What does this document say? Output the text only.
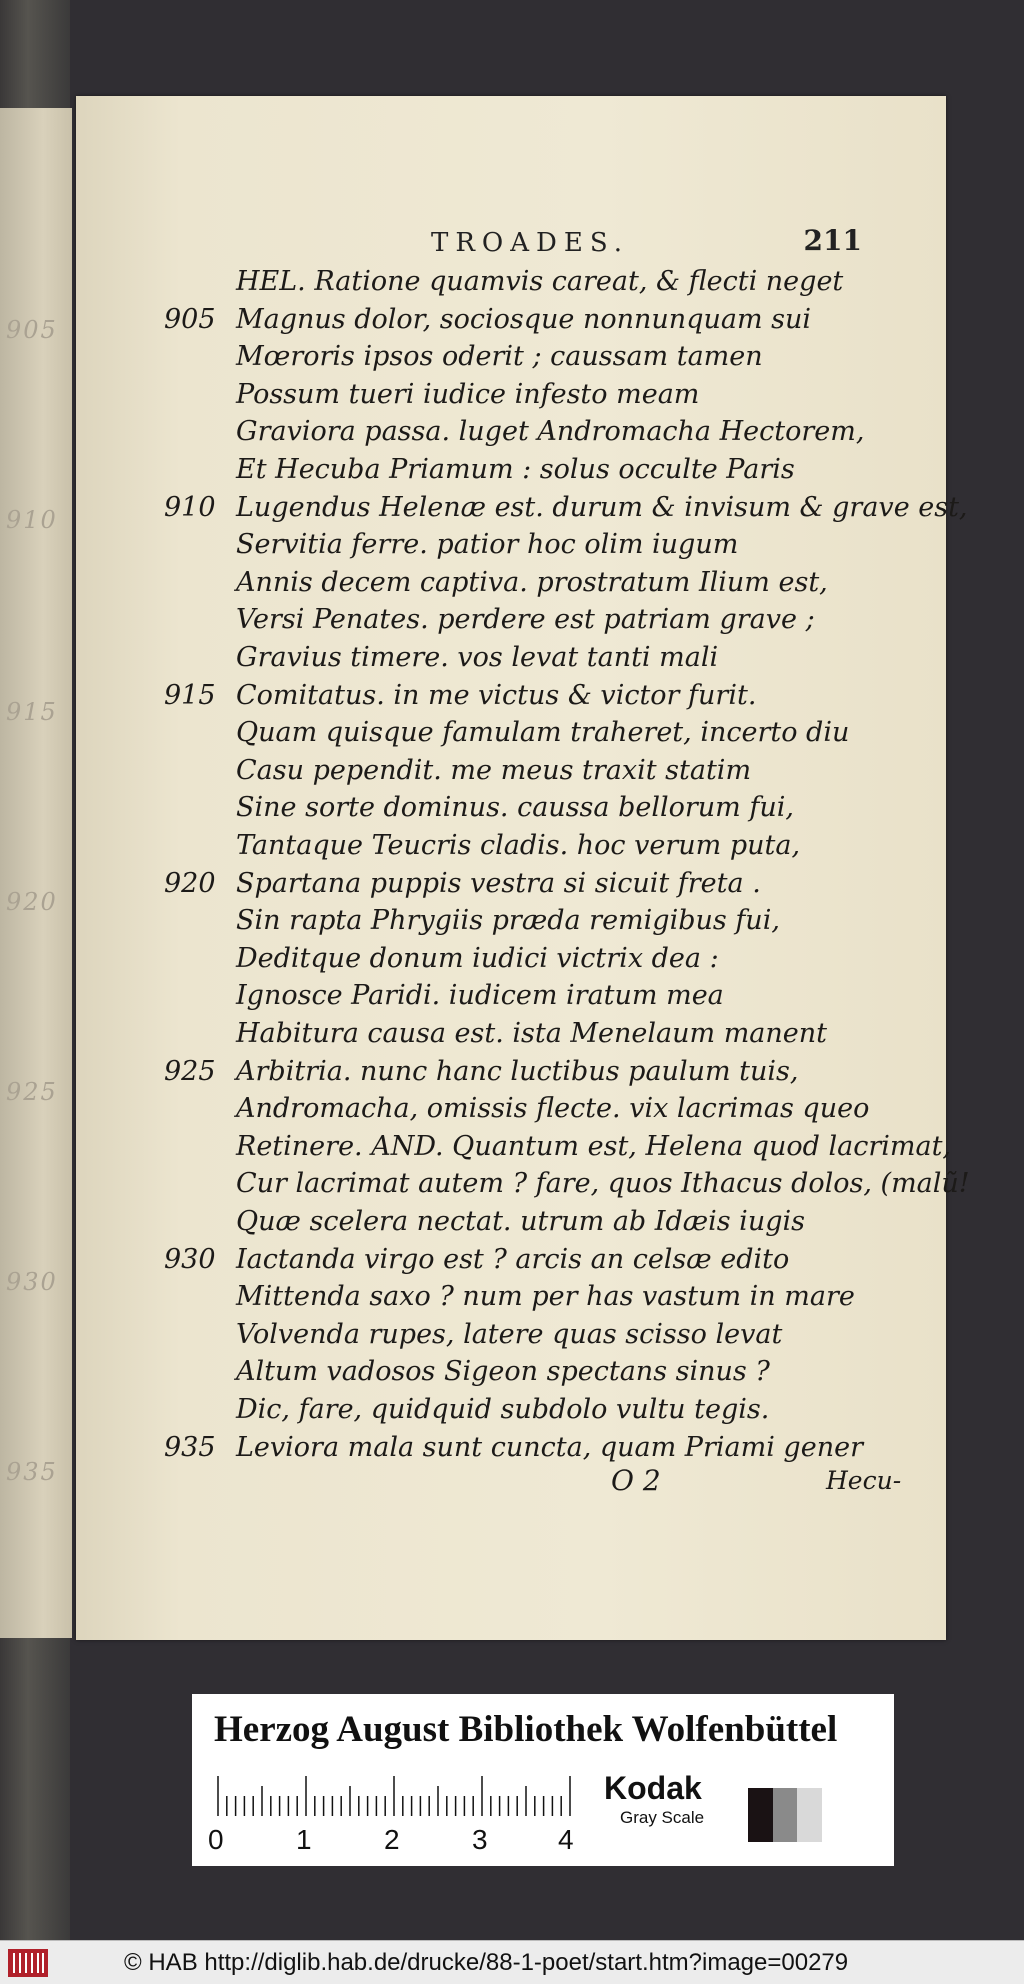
905
910
915
920
925
930
935
TROADES.	211
HEL. Ratione quamvis careat, & flecti neget
Magnus dolor, sociosque nonnunquam sui
905
Mœroris ipsos oderit ; caussam tamen
Possum tueri iudice infesto meam
Graviora passa. luget Andromacha Hectorem,
Et Hecuba Priamum : solus occulte Paris
Lugendus Helenæ est. durum & invisum & grave est,
910
Servitia ferre. patior hoc olim iugum
Annis decem captiva. prostratum Ilium est,
Versi Penates. perdere est patriam grave ;
Gravius timere. vos levat tanti mali
Comitatus. in me victus & victor furit.
915
Quam quisque famulam traheret, incerto diu
Casu pependit. me meus traxit statim
Sine sorte dominus. caussa bellorum fui,
Tantaque Teucris cladis. hoc verum puta,
Spartana puppis vestra si sicuit freta .
920
Sin rapta Phrygiis præda remigibus fui,
Deditque donum iudici victrix dea :
Ignosce Paridi. iudicem iratum mea
Habitura causa est. ista Menelaum manent
Arbitria. nunc hanc luctibus paulum tuis,
925
Andromacha, omissis flecte. vix lacrimas queo
Retinere. AND. Quantum est, Helena quod lacrimat,
Cur lacrimat autem ? fare, quos Ithacus dolos, (malũ!
Quæ scelera nectat. utrum ab Idæis iugis
Iactanda virgo est ? arcis an celsæ edito
930
Mittenda saxo ? num per has vastum in mare
Volvenda rupes, latere quas scisso levat
Altum vadosos Sigeon spectans sinus ?
Dic, fare, quidquid subdolo vultu tegis.
Leviora mala sunt cuncta, quam Priami gener
935
O 2	Hecu-
Herzog August Bibliothek Wolfenbüttel
0	1	2	3	4
Kodak
Gray Scale
© HAB http://diglib.hab.de/drucke/88-1-poet/start.htm?image=00279
